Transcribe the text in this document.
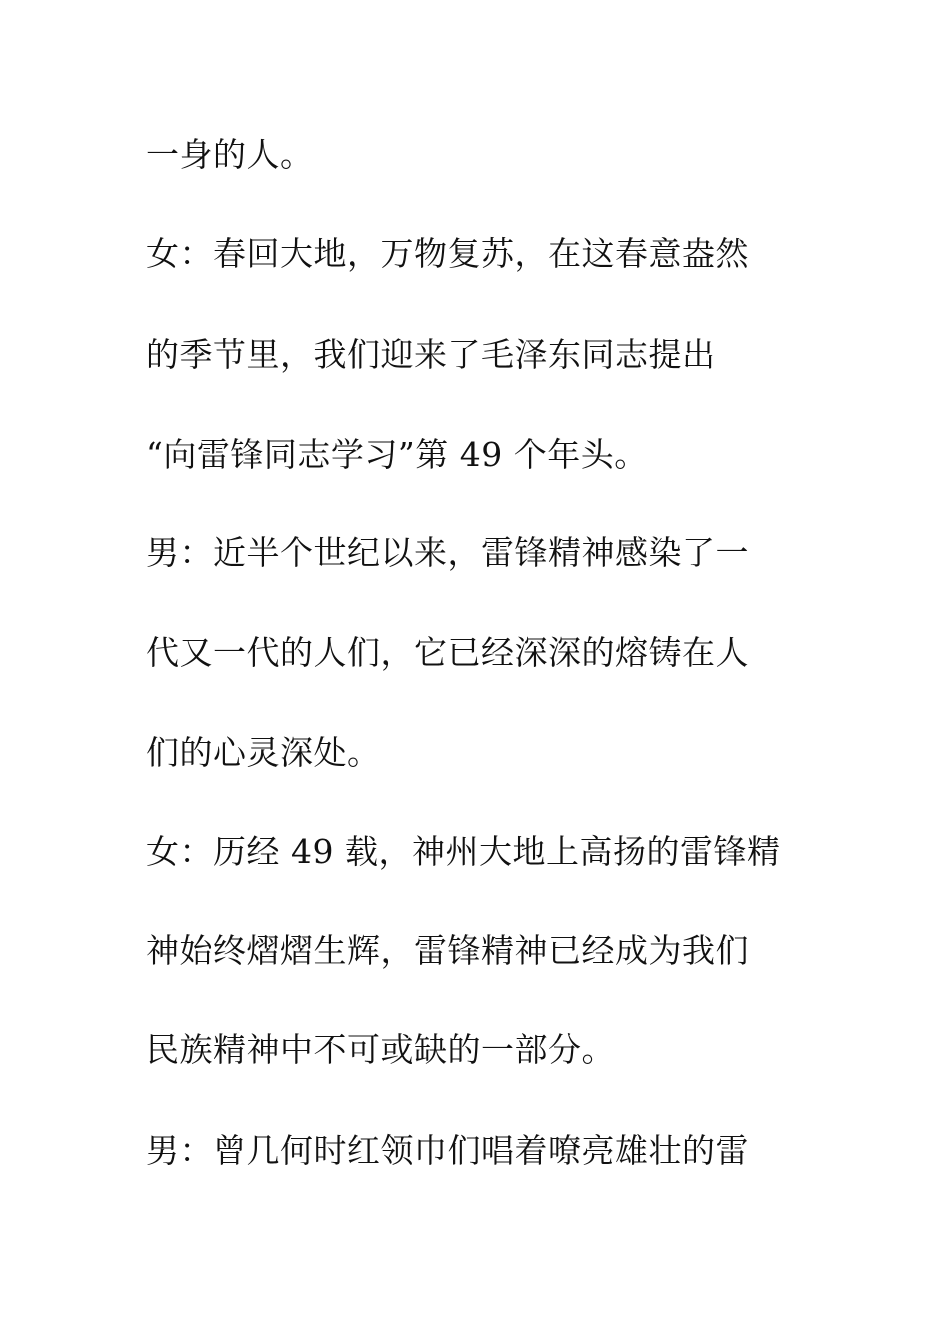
一身的人。
女：春回大地，万物复苏，在这春意盎然
的季节里，我们迎来了毛泽东同志提出
“向雷锋同志学习”第 49 个年头。
男：近半个世纪以来，雷锋精神感染了一
代又一代的人们，它已经深深的熔铸在人
们的心灵深处。
女：历经 49 载，神州大地上高扬的雷锋精
神始终熠熠生辉，雷锋精神已经成为我们
民族精神中不可或缺的一部分。
男：曾几何时红领巾们唱着嘹亮雄壮的雷
